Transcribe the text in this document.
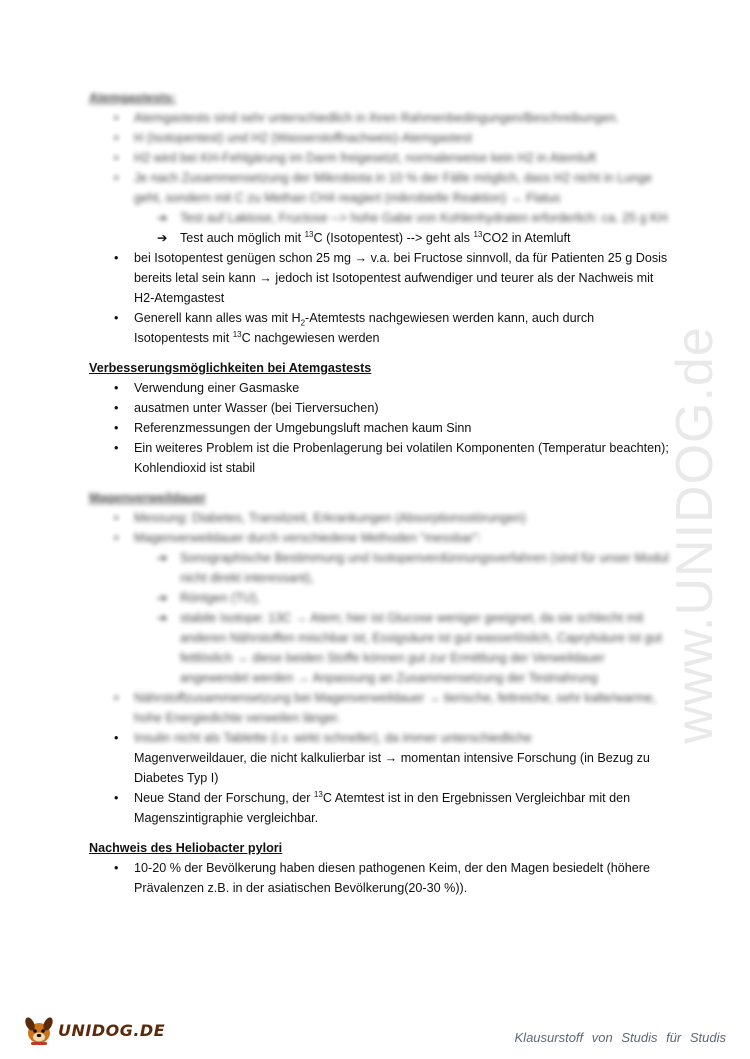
www.UNIDOG.de

Atemgastests:

• Atemgastests sind sehr unterschiedlich in ihren Rahmenbedingungen/Beschreibungen.
• H (Isotopentest) und H2 (Wasserstoffnachweis)-Atemgastest
• H2 wird bei KH-Fehlgärung im Darm freigesetzt, normalerweise kein H2 in Atemluft
• Je nach Zusammensetzung der Mikrobiota in 10 % der Fälle möglich, dass H2 nicht in Lunge geht, sondern mit C zu Methan CH4 reagiert (mikrobielle Reaktion) → Flatus
➔ Test auf Laktose, Fructose --> hohe Gabe von Kohlenhydraten erforderlich: ca. 25 g KH
➔ Test auch möglich mit $^{13}$C (Isotopentest) --> geht als $^{13}$CO2 in Atemluft
• bei Isotopentest genügen schon 25 mg → v.a. bei Fructose sinnvoll, da für Patienten 25 g Dosis bereits letal sein kann → jedoch ist Isotopentest aufwendiger und teurer als der Nachweis mit H2-Atemgastest
• Generell kann alles was mit $H_2$-Atemtests nachgewiesen werden kann, auch durch Isotopentests mit $^{13}$C nachgewiesen werden

Verbesserungsmöglichkeiten bei Atemgastests

• Verwendung einer Gasmaske
• ausatmen unter Wasser (bei Tierversuchen)
• Referenzmessungen der Umgebungsluft machen kaum Sinn
• Ein weiteres Problem ist die Probenlagerung bei volatilen Komponenten (Temperatur beachten); Kohlendioxid ist stabil

Magenverweildauer

• Messung: Diabetes, Transitzeit, Erkrankungen (Absorptionsstörungen)
• Magenverweildauer durch verschiedene Methoden "messbar":
➔ Sonographische Bestimmung und Isotopenverdünnungsverfahren (sind für unser Modul nicht direkt interessant),
➔ Röntgen (TU),
➔ stabile Isotope: 13C → Atem; hier ist Glucose weniger geeignet, da sie schlecht mit anderen Nährstoffen mischbar ist, Essigsäure ist gut wasserlöslich, Caprylsäure ist gut fettlöslich → diese beiden Stoffe können gut zur Ermittlung der Verweildauer angewendet werden → Anpassung an Zusammensetzung der Testnahrung
• Nährstoffzusammensetzung bei Magenverweildauer → tierische, fettreiche, sehr kalte/warme, hohe Energiedichte verweilen länger.
• Insulin nicht als Tablette (i.v. wirkt schneller), da immer unterschiedliche
Magenverweildauer, die nicht kalkulierbar ist → momentan intensive Forschung (in Bezug zu Diabetes Typ I)
• Neue Stand der Forschung, der $^{13}$C Atemtest ist in den Ergebnissen Vergleichbar mit den Magenszintigraphie vergleichbar.

Nachweis des Heliobacter pylori

• 10-20 % der Bevölkerung haben diesen pathogenen Keim, der den Magen besiedelt (höhere Prävalenzen z.B. in der asiatischen Bevölkerung(20-30 %)).
UNIDOG.DE	Klausurstoff von Studis für Studis
